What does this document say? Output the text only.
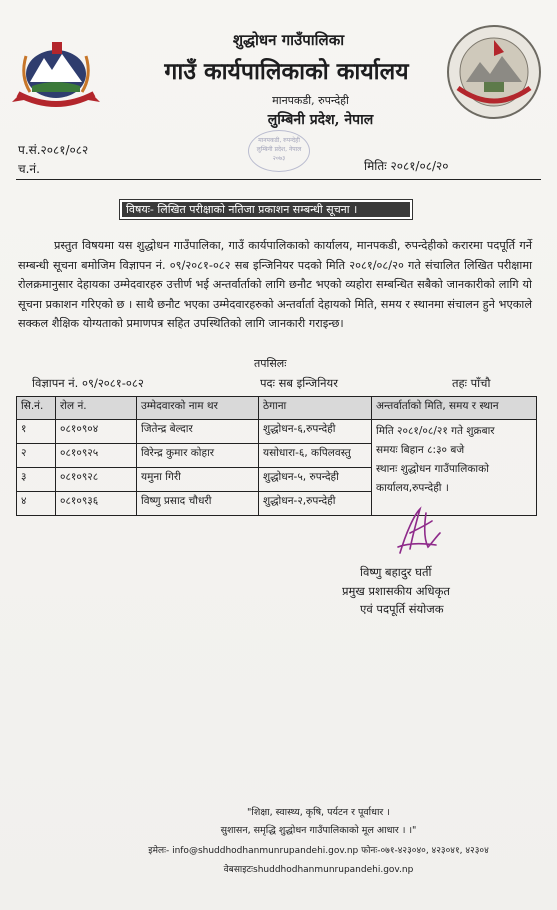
शुद्धोधन गाउँपालिका
गाउँ कार्यपालिकाको कार्यालय
मानपकडी, रुपन्देही
लुम्बिनी प्रदेश, नेपाल
मानपकडी, रुपन्देही
लुम्बिनी प्रदेश, नेपाल
२०७३
प.सं.२०८१/०८२
च.नं.	मितिः २०८१/०८/२०
विषयः- लिखित परीक्षाको नतिजा प्रकाशन सम्बन्धी सूचना ।

प्रस्तुत विषयमा यस शुद्धोधन गाउँपालिका, गाउँ कार्यपालिकाको कार्यालय, मानपकडी, रुपन्देहीको करारमा पदपूर्ति गर्ने सम्बन्धी सूचना बमोजिम विज्ञापन नं. ०९/२०८१-०८२ सब इन्जिनियर पदको मिति २०८१/०८/२० गते संचालित लिखित परीक्षामा रोलक्रमानुसार देहायका उम्मेदवारहरु उत्तीर्ण भई अन्तर्वार्ताको लागि छनौट भएको व्यहोरा सम्बन्धित सबैको जानकारीको लागि यो सूचना प्रकाशन गरिएको छ । साथै छनौट भएका उम्मेदवारहरुको अन्तर्वार्ता देहायको मिति, समय र स्थानमा संचालन हुने भएकाले सक्कल शैक्षिक योग्यताको प्रमाणपत्र सहित उपस्थितिको लागि जानकारी गराइन्छ।

तपसिलः
विज्ञापन नं. ०९/२०८१-०८२	पदः सब इन्जिनियर	तहः पाँचौ
सि.नं.	रोल नं.	उम्मेदवारको नाम थर	ठेगाना	अन्तर्वार्ताको मिति, समय र स्थान
१	०८१०९०४	जितेन्द्र बेल्दार	शुद्धोधन-६,रुपन्देही	मिति २०८१/०८/२१ गते शुक्रबार
समयः बिहान ८:३० बजे
स्थानः शुद्धोधन गाउँपालिकाको कार्यालय,रुपन्देही ।

२	०८१०९२५	विरेन्द्र कुमार कोहार	यसोधारा-६, कपिलवस्तु	
३	०८१०९२८	यमुना गिरी	शुद्धोधन-५, रुपन्देही	
४	०८१०९३६	विष्णु प्रसाद चौधरी	शुद्धोधन-२,रुपन्देही	
विष्णु बहादुर घर्ती
प्रमुख प्रशासकीय अधिकृत
एवं पदपूर्ति संयोजक
"शिक्षा, स्वास्थ्य, कृषि, पर्यटन र पूर्वाधार ।
सुशासन, समृद्धि शुद्धोधन गाउँपालिकाको मूल आधार । ।"
इमेलः- info@shuddhodhanmunrupandehi.gov.np फोनः-०७१-४२३०४०, ४२३०४१, ४२३०४
वेबसाइटःshuddhodhanmunrupandehi.gov.np
